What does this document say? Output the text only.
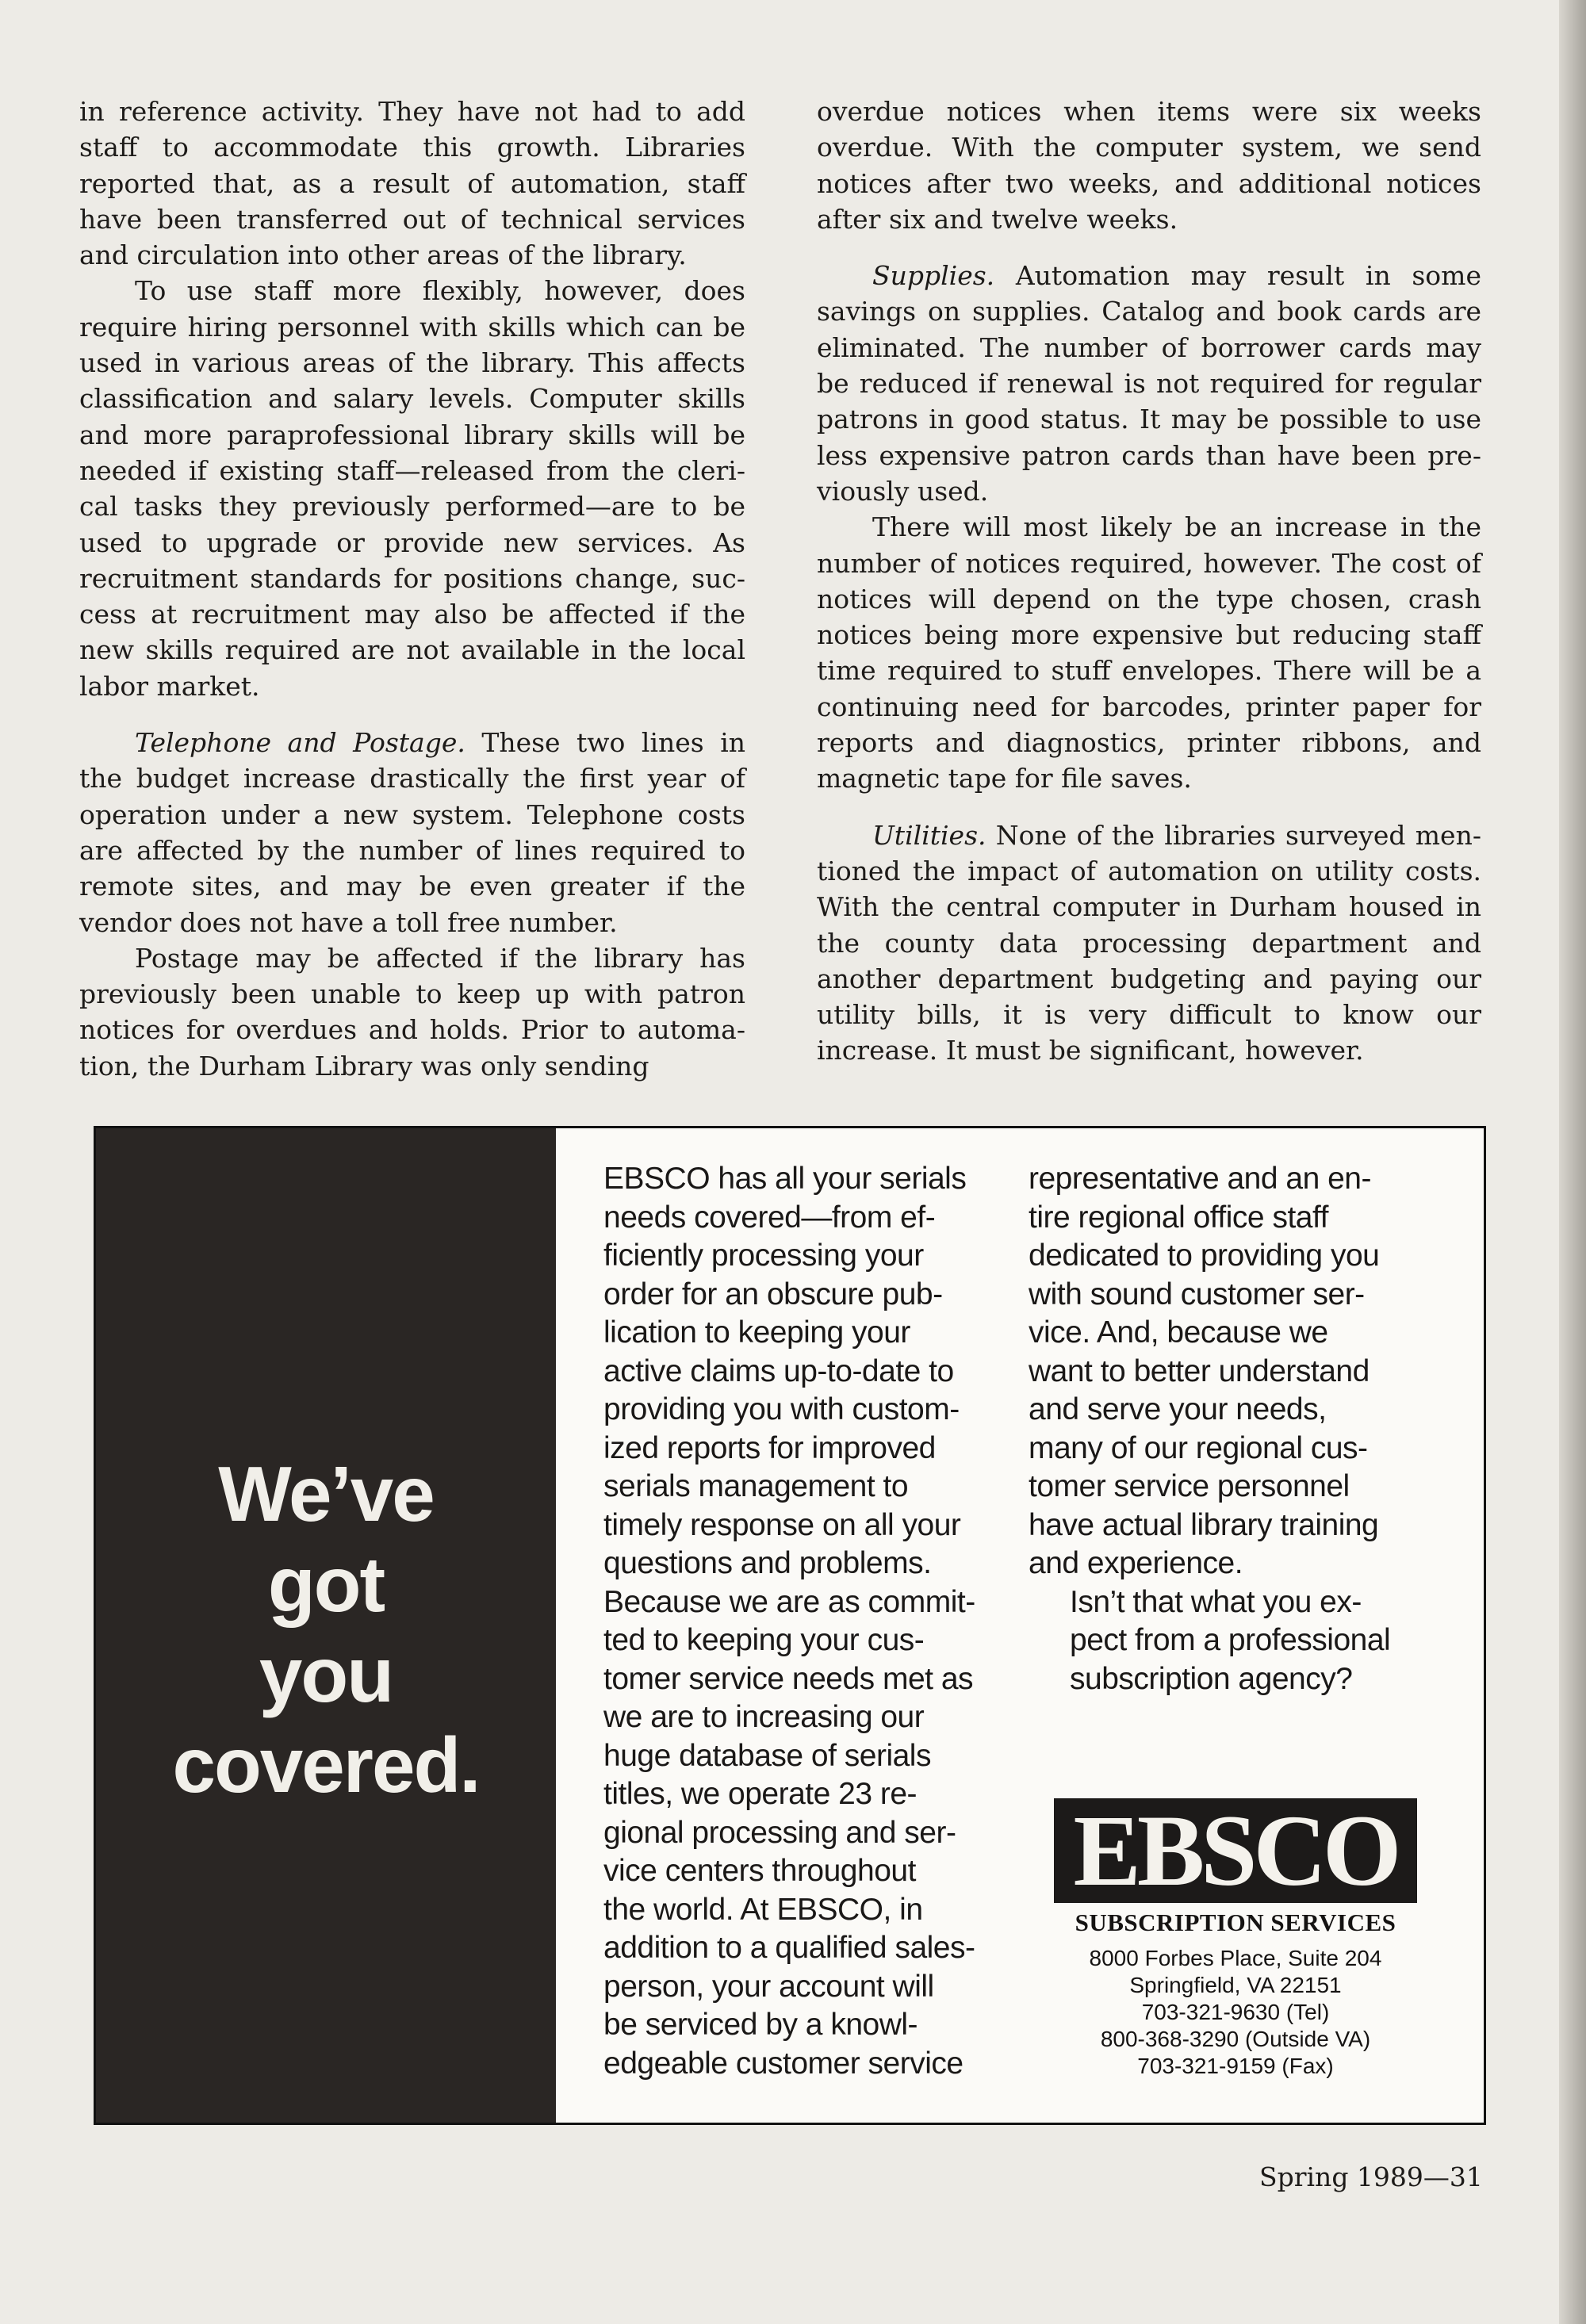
in reference activity. They have not had to add staff to accommodate this growth. Libraries reported that, as a result of automation, staff have been transferred out of technical services and circulation into other areas of the library.

To use staff more flexibly, however, does require hiring personnel with skills which can be used in various areas of the library. This affects classification and salary levels. Computer skills and more paraprofessional library skills will be needed if existing staff—released from the clerical tasks they previously performed—are to be used to upgrade or provide new services. As recruitment standards for positions change, success at recruitment may also be affected if the new skills required are not available in the local labor market.

Telephone and Postage. These two lines in the budget increase drastically the first year of operation under a new system. Telephone costs are affected by the number of lines required to remote sites, and may be even greater if the vendor does not have a toll free number.

Postage may be affected if the library has previously been unable to keep up with patron notices for overdues and holds. Prior to automation, the Durham Library was only sending

overdue notices when items were six weeks overdue. With the computer system, we send notices after two weeks, and additional notices after six and twelve weeks.

Supplies. Automation may result in some savings on supplies. Catalog and book cards are eliminated. The number of borrower cards may be reduced if renewal is not required for regular patrons in good status. It may be possible to use less expensive patron cards than have been previously used.

There will most likely be an increase in the number of notices required, however. The cost of notices will depend on the type chosen, crash notices being more expensive but reducing staff time required to stuff envelopes. There will be a continuing need for barcodes, printer paper for reports and diagnostics, printer ribbons, and magnetic tape for file saves.

Utilities. None of the libraries surveyed mentioned the impact of automation on utility costs. With the central computer in Durham housed in the county data processing department and another department budgeting and paying our utility bills, it is very difficult to know our increase. It must be significant, however.

We’ve
got
you
covered.
EBSCO has all your serials
needs covered—from ef-
ficiently processing your
order for an obscure pub-
lication to keeping your
active claims up-to-date to
providing you with custom-
ized reports for improved
serials management to
timely response on all your
questions and problems.
Because we are as commit-
ted to keeping your cus-
tomer service needs met as
we are to increasing our
huge database of serials
titles, we operate 23 re-
gional processing and ser-
vice centers throughout
the world. At EBSCO, in
addition to a qualified sales-
person, your account will
be serviced by a knowl-
edgeable customer service
representative and an en-
tire regional office staff
dedicated to providing you
with sound customer ser-
vice. And, because we
want to better understand
and serve your needs,
many of our regional cus-
tomer service personnel
have actual library training
and experience.
Isn’t that what you ex-
pect from a professional
subscription agency?
EBSCO
SUBSCRIPTION SERVICES
8000 Forbes Place, Suite 204
Springfield, VA 22151
703-321-9630 (Tel)
800-368-3290 (Outside VA)
703-321-9159 (Fax)
Spring 1989—31
